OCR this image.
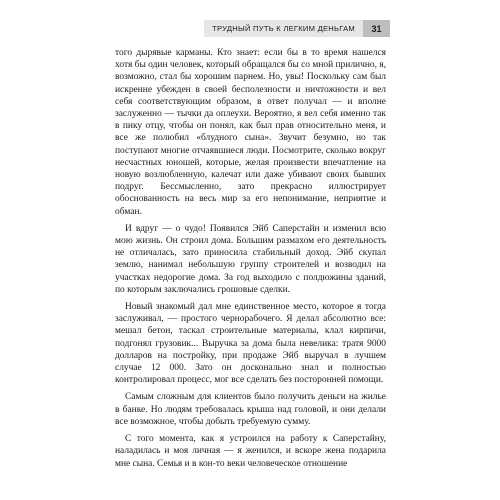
ТРУДНЫЙ ПУТЬ К ЛЕГКИМ ДЕНЬГАМ	31

того дырявые карманы. Кто знает: если бы в то время нашелся хотя бы один человек, который обращался бы со мной прилично, я, возможно, стал бы хорошим парнем. Но, увы! Поскольку сам был искренне убежден в своей бесполезности и ничтожности и вел себя соответствующим образом, в ответ получал — и вполне заслуженно — тычки да оплеухи. Вероятно, я вел себя именно так в пику отцу, чтобы он понял, как был прав относительно меня, и все же полюбил «блудного сына». Звучит безумно, но так поступают многие отчаявшиеся люди. Посмотрите, сколько вокруг несчастных юношей, которые, желая произвести впечатление на новую возлюбленную, калечат или даже убивают своих бывших подруг. Бессмысленно, зато прекрасно иллюстрирует обоснованность на весь мир за его непонимание, неприятие и обман.

И вдруг — о чудо! Появился Эйб Саперстайн и изменил всю мою жизнь. Он строил дома. Большим размахом его деятельность не отличалась, зато приносила стабильный доход. Эйб скупал землю, нанимал небольшую группу строителей и возводил на участках недорогие дома. За год выходило с полдюжины зданий, по которым заключались грошовые сделки.

Новый знакомый дал мне единственное место, которое я тогда заслуживал, — простого чернорабочего. Я делал абсолютно все: мешал бетон, таскал строительные материалы, клал кирпичи, подгонял грузовик... Выручка за дома была невелика: тратя 9000 долларов на постройку, при продаже Эйб выручал в лучшем случае 12 000. Зато он досконально знал и полностью контролировал процесс, мог все сделать без посторонней помощи.

Самым сложным для клиентов было получить деньги на жилье в банке. Но людям требовалась крыша над головой, и они делали все возможное, чтобы добыть требуемую сумму.

С того момента, как я устроился на работу к Саперстайну, наладилась и моя личная — я женился, и вскоре жена подарила мне сына. Семья и в кон-то веки человеческое отношение
